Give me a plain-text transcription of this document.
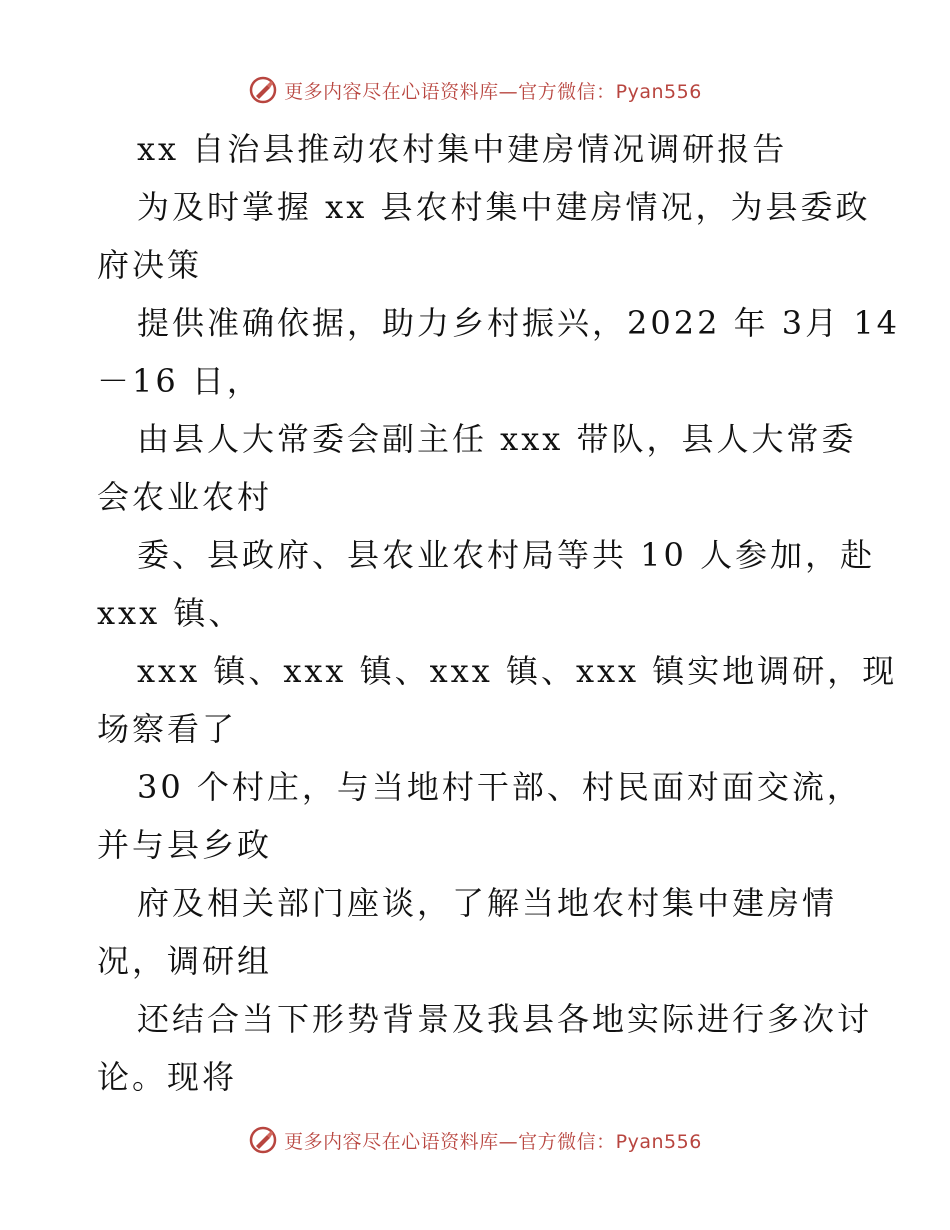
更多内容尽在心语资料库—官方微信：Pyan556
xx 自治县推动农村集中建房情况调研报告
为及时掌握 xx 县农村集中建房情况，为县委政
府决策
提供准确依据，助力乡村振兴，2022 年 3月 14
－16 日，
由县人大常委会副主任 xxx 带队，县人大常委
会农业农村
委、县政府、县农业农村局等共 10 人参加，赴
xxx 镇、
xxx 镇、xxx 镇、xxx 镇、xxx 镇实地调研，现
场察看了
30 个村庄，与当地村干部、村民面对面交流，
并与县乡政
府及相关部门座谈，了解当地农村集中建房情
况，调研组
还结合当下形势背景及我县各地实际进行多次讨
论。现将
更多内容尽在心语资料库—官方微信：Pyan556
